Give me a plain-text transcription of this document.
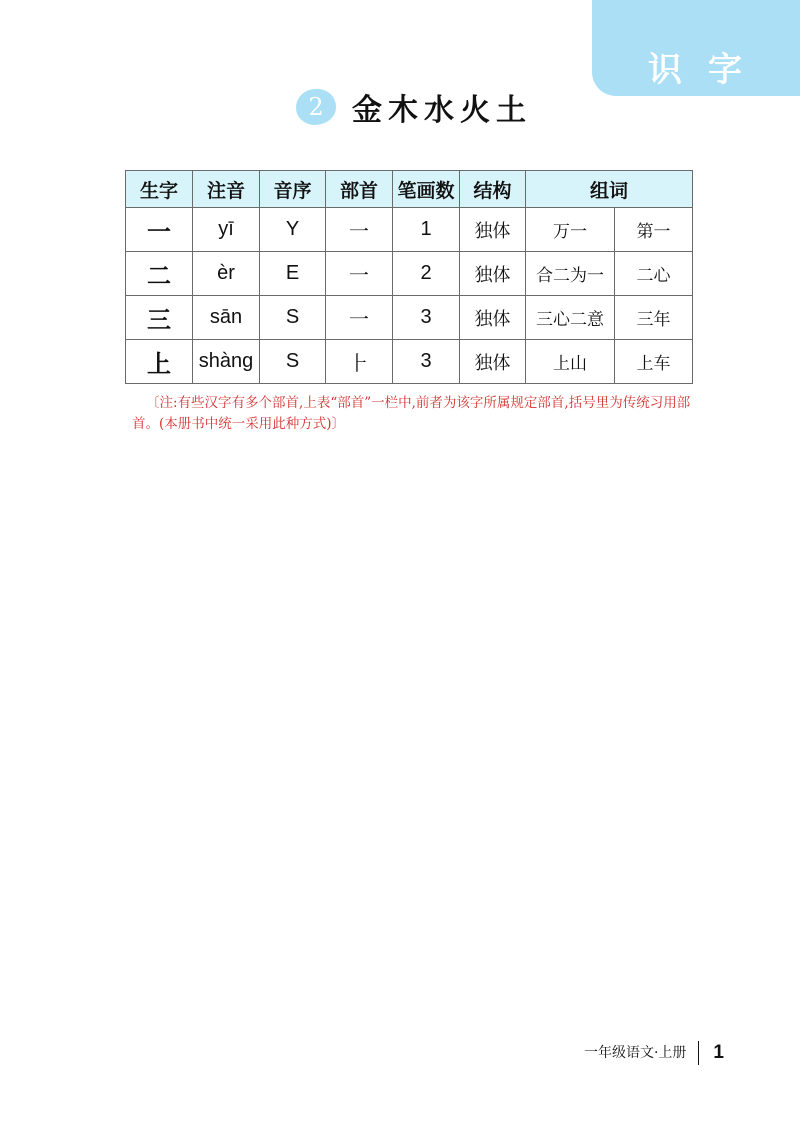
识字
2 金木水火土
生字	注音	音序	部首	笔画数	结构	组词	
一	yī	Y	一	1	独体	万一	第一
二	èr	E	一	2	独体	合二为一	二心
三	sān	S	一	3	独体	三心二意	三年
上	shàng	S	⺊	3	独体	上山	上车
〔注:有些汉字有多个部首,上表“部首”一栏中,前者为该字所属规定部首,括号里为传统习用部首。(本册书中统一采用此种方式)〕
一年级语文·上册	1
